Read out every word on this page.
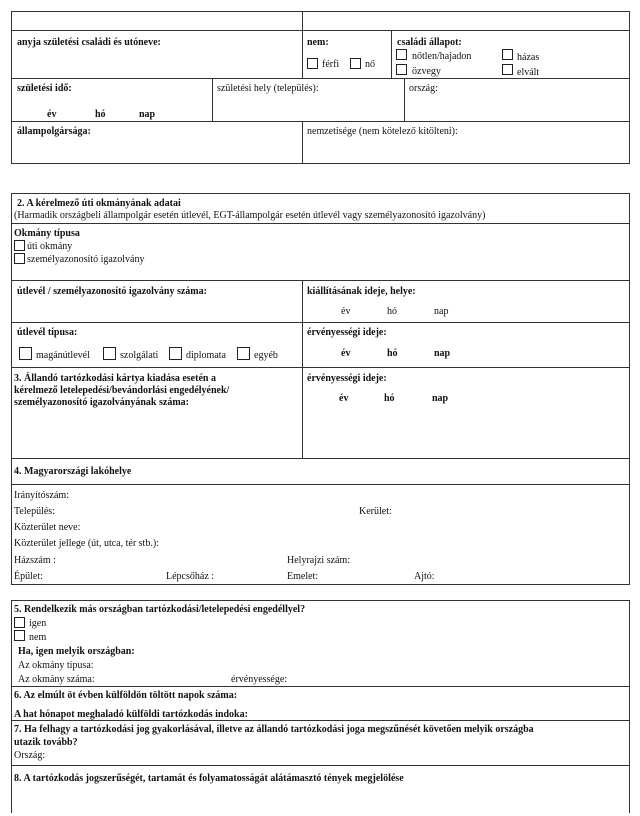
anyja születési családi és utóneve:	nem:
férfi	nő
családi állapot:
nőtlen/hajadon	házas
özvegy	elvált
születési idő:
év	hó	nap
születési hely (település):	ország:
állampolgársága:	nemzetisége (nem kötelező kitölteni):
2. A kérelmező úti okmányának adatai
(Harmadik országbeli állampolgár esetén útlevél, EGT-állampolgár esetén útlevél vagy személyazonosító igazolvány)
Okmány típusa
úti okmány
személyazonosító igazolvány
útlevél / személyazonosító igazolvány száma:	kiállításának ideje, helye:
év	hó	nap
útlevél típusa:
magánútlevél	szolgálati	diplomata	egyéb
érvényességi ideje:
év	hó	nap
3. Állandó tartózkodási kártya kiadása esetén a
kérelmező letelepedési/bevándorlási engedélyének/
személyazonosító igazolványának száma:
érvényességi ideje:
év	hó	nap
4. Magyarországi lakóhelye
Irányítószám:
Település:	Kerület:
Közterület neve:
Közterület jellege (út, utca, tér stb.):
Házszám :	Helyrajzi szám:
Épület:	Lépcsőház :	Emelet:	Ajtó:
5. Rendelkezik más országban tartózkodási/letelepedési engedéllyel?
igen
nem
Ha, igen melyik országban:
Az okmány típusa:
Az okmány száma:	érvényessége:
6. Az elmúlt öt évben külföldön töltött napok száma:
A hat hónapot meghaladó külföldi tartózkodás indoka:
7. Ha felhagy a tartózkodási jog gyakorlásával, illetve az állandó tartózkodási joga megszűnését követően melyik országba
utazik tovább?
Ország:
8. A tartózkodás jogszerűségét, tartamát és folyamatosságát alátámasztó tények megjelölése
